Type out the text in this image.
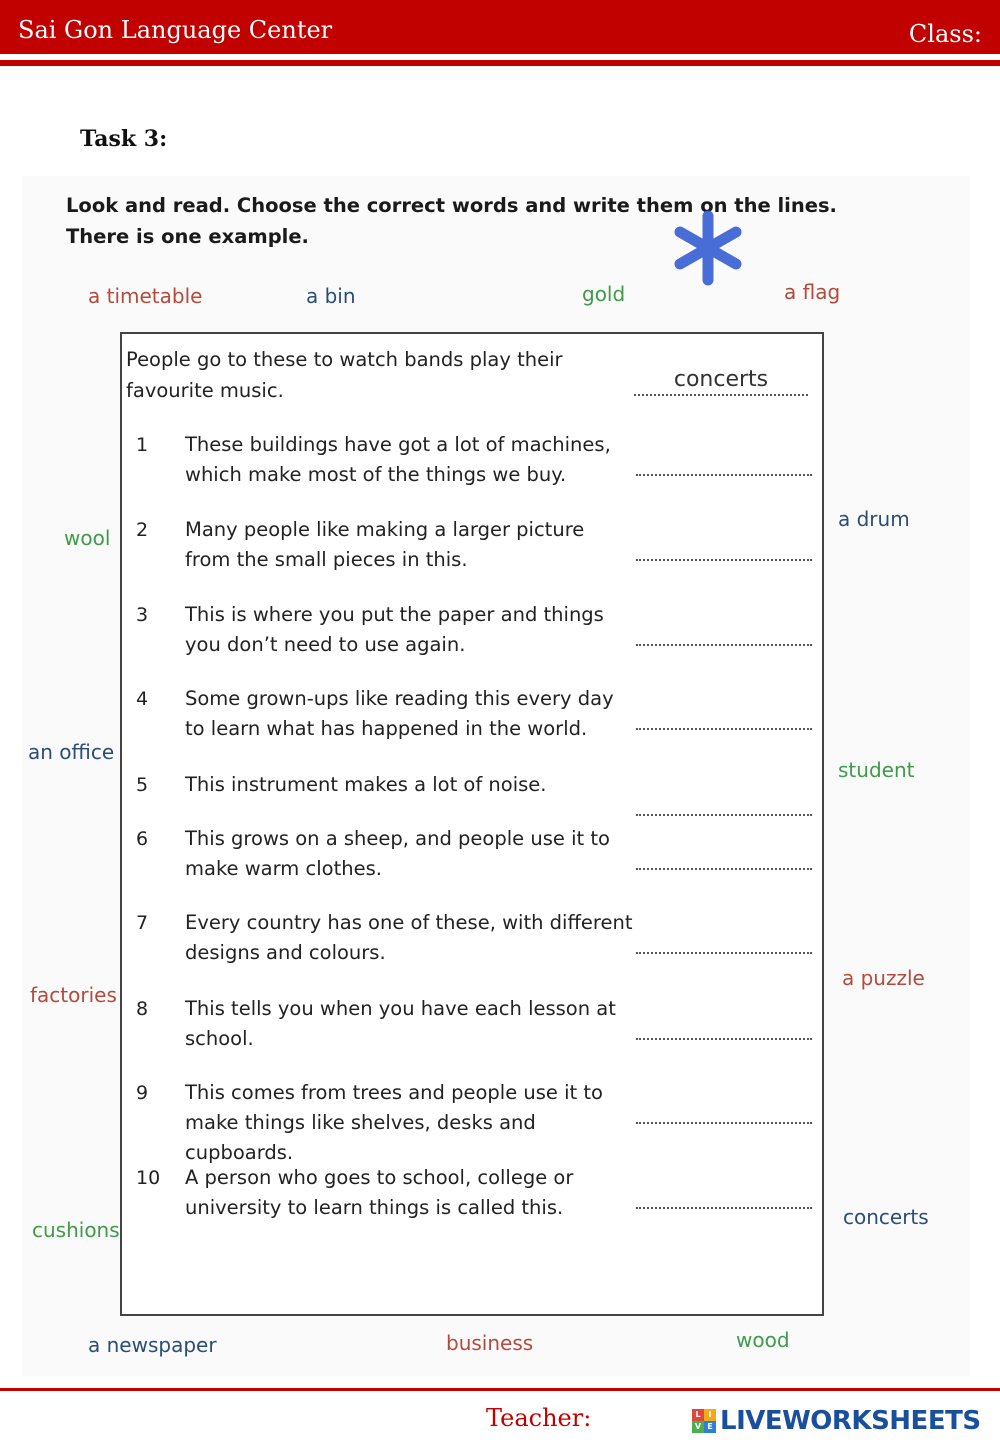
Sai Gon Language Center	Class:
Task 3:
Look and read. Choose the correct words and write them on the lines. There is one example.
a timetable	a bin	gold	a flag
wool
an office
factories
cushions
a drum
student
a puzzle
concerts
a newspaper	business	wood
People go to these to watch bands play their favourite music.	concerts
1 These buildings have got a lot of machines, which make most of the things we buy.
2 Many people like making a larger picture from the small pieces in this.
3 This is where you put the paper and things you don’t need to use again.
4 Some grown-ups like reading this every day to learn what has happened in the world.
5 This instrument makes a lot of noise.
6 This grows on a sheep, and people use it to make warm clothes.
7 Every country has one of these, with different designs and colours.
8 This tells you when you have each lesson at school.
9 This comes from trees and people use it to make things like shelves, desks and cupboards.
10 A person who goes to school, college or university to learn things is called this.
Teacher:	L I
V E LIVEWORKSHEETS
